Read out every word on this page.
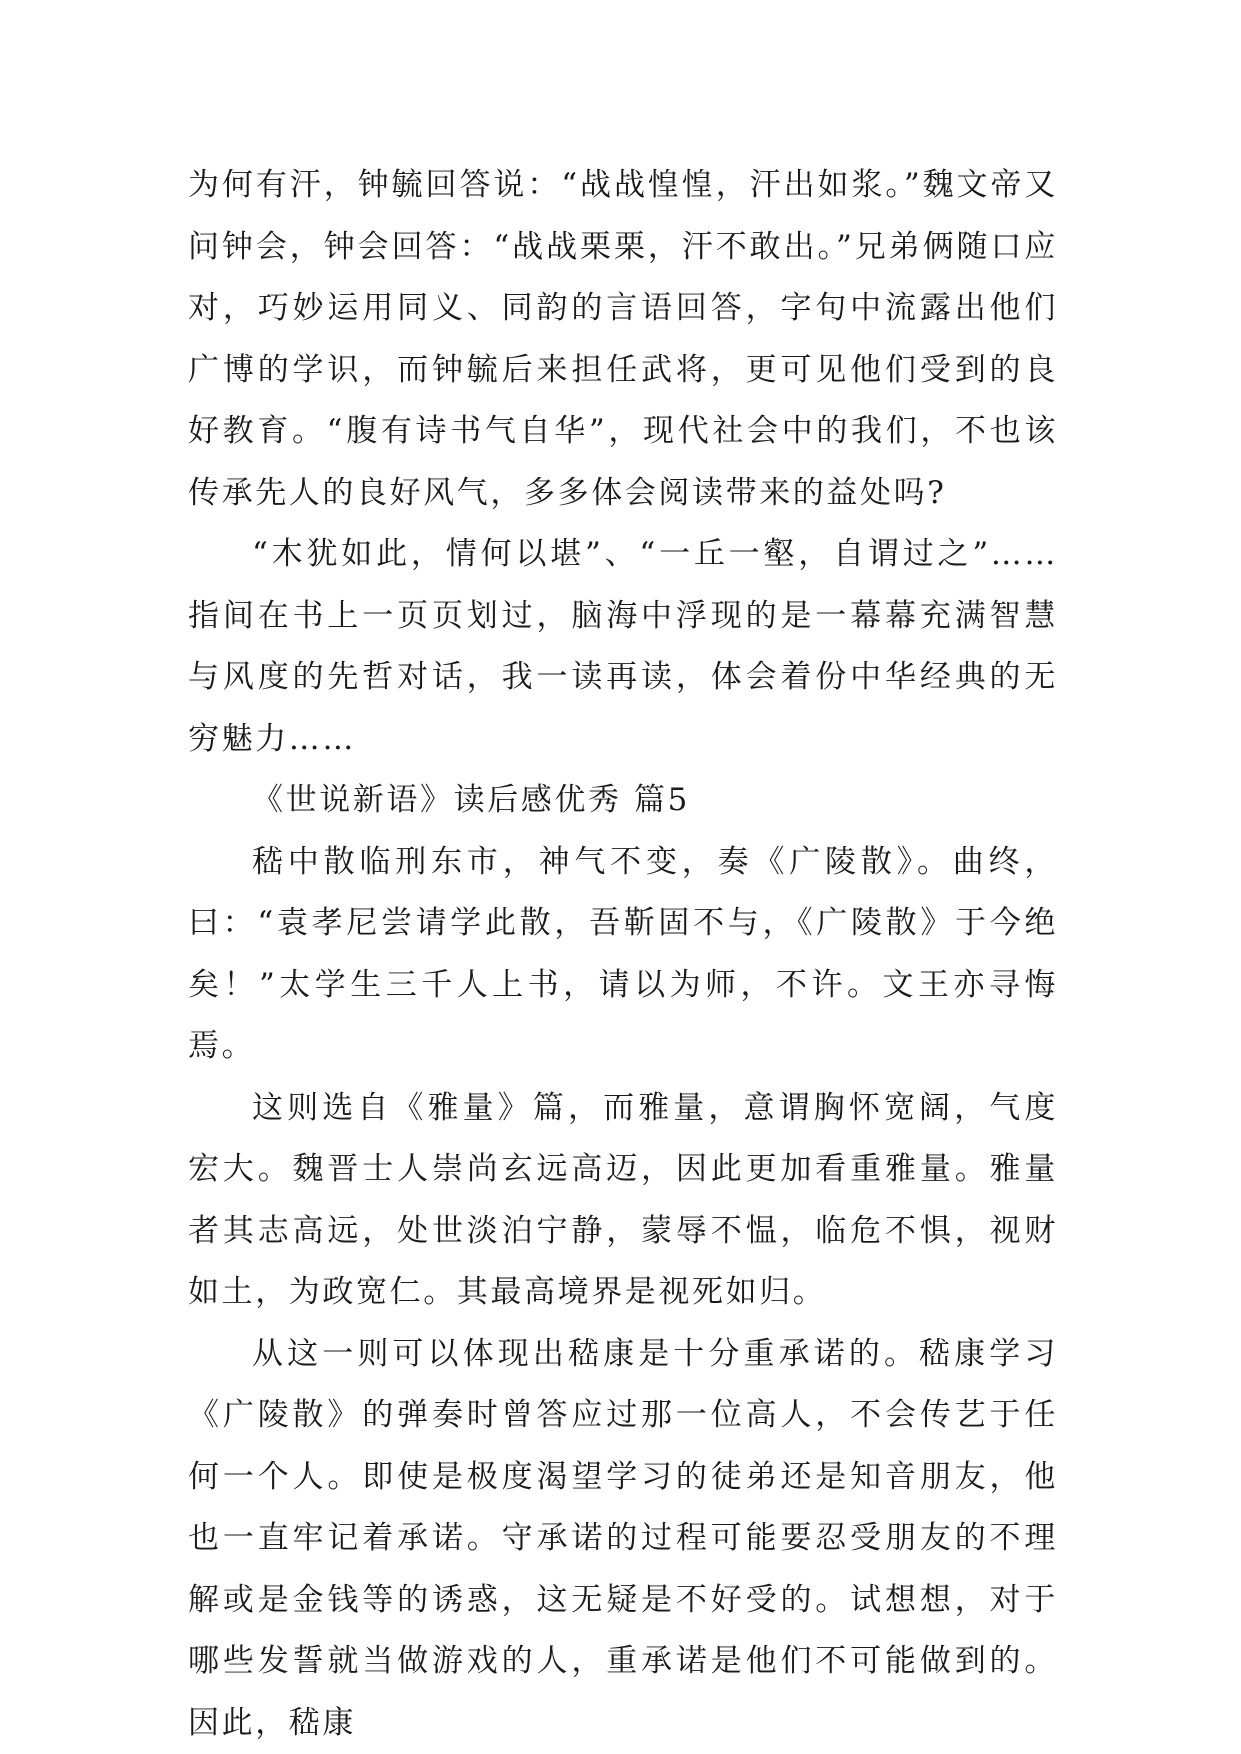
为何有汗，钟毓回答说：“战战惶惶，汗出如浆。”魏文帝又问钟会，钟会回答：“战战栗栗，汗不敢出。”兄弟俩随口应对，巧妙运用同义、同韵的言语回答，字句中流露出他们广博的学识，而钟毓后来担任武将，更可见他们受到的良好教育。“腹有诗书气自华”，现代社会中的我们，不也该传承先人的良好风气，多多体会阅读带来的益处吗?

“木犹如此，情何以堪”、“一丘一壑，自谓过之”……指间在书上一页页划过，脑海中浮现的是一幕幕充满智慧与风度的先哲对话，我一读再读，体会着份中华经典的无穷魅力……

《世说新语》读后感优秀 篇5

嵇中散临刑东市，神气不变，奏《广陵散》。曲终，曰：“袁孝尼尝请学此散，吾靳固不与，《广陵散》于今绝矣！”太学生三千人上书，请以为师，不许。文王亦寻悔焉。

这则选自《雅量》篇，而雅量，意谓胸怀宽阔，气度宏大。魏晋士人崇尚玄远高迈，因此更加看重雅量。雅量者其志高远，处世淡泊宁静，蒙辱不愠，临危不惧，视财如土，为政宽仁。其最高境界是视死如归。

从这一则可以体现出嵇康是十分重承诺的。嵇康学习《广陵散》的弹奏时曾答应过那一位高人，不会传艺于任何一个人。即使是极度渴望学习的徒弟还是知音朋友，他也一直牢记着承诺。守承诺的过程可能要忍受朋友的不理解或是金钱等的诱惑，这无疑是不好受的。试想想，对于哪些发誓就当做游戏的人，重承诺是他们不可能做到的。因此，嵇康
